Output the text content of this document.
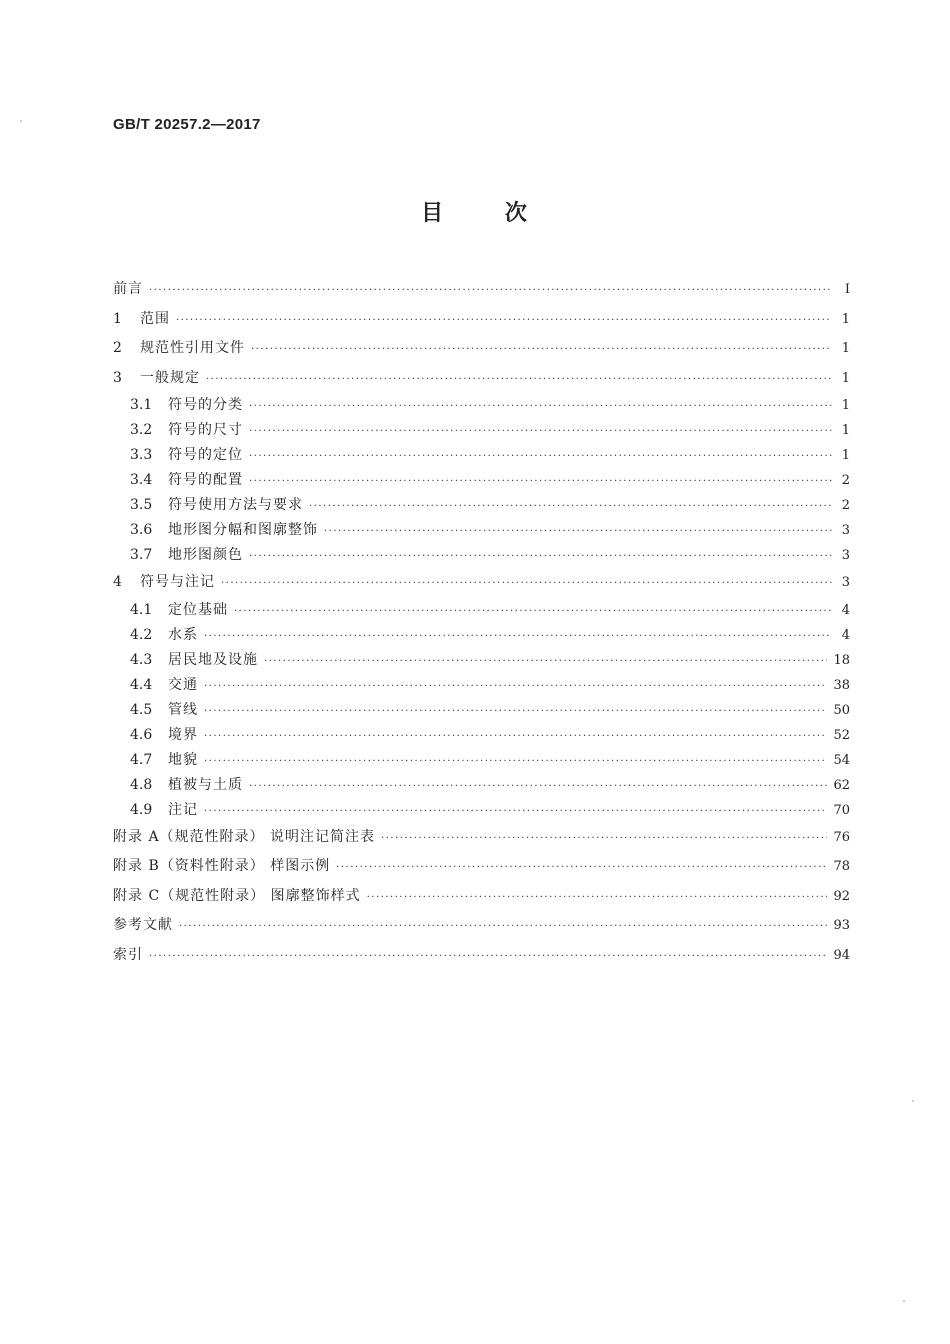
GB/T 20257.2—2017
目 次
前言 ·····	Ⅰ
1	范围 ·····	1
2	规范性引用文件 ·····	1
3	一般规定 ·····	1
3.1	符号的分类 ·····	1
3.2	符号的尺寸 ·····	1
3.3	符号的定位 ·····	1
3.4	符号的配置 ·····	2
3.5	符号使用方法与要求 ·····	2
3.6	地形图分幅和图廓整饰 ·····	3
3.7	地形图颜色 ·····	3
4	符号与注记 ·····	3
4.1	定位基础 ·····	4
4.2	水系 ·····	4
4.3	居民地及设施 ·····	18
4.4	交通 ·····	38
4.5	管线 ·····	50
4.6	境界 ·····	52
4.7	地貌 ·····	54
4.8	植被与土质 ·····	62
4.9	注记 ·····	70
附录 A（规范性附录） 说明注记简注表 ·····	76
附录 B（资料性附录） 样图示例 ·····	78
附录 C（规范性附录） 图廓整饰样式 ·····	92
参考文献 ·····	93
索引 ·····	94
